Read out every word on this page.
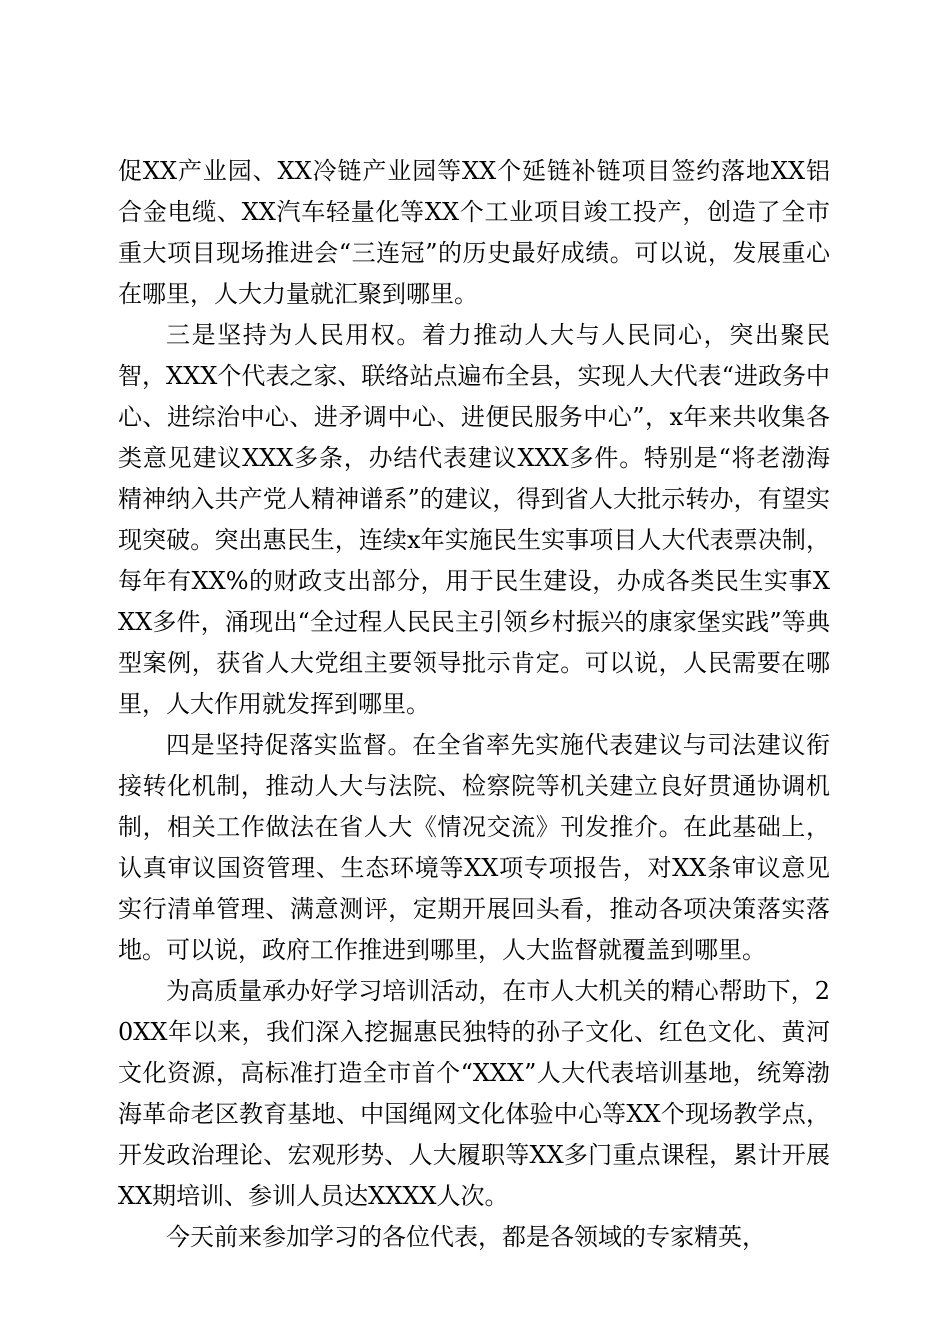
促XX产业园、XX冷链产业园等XX个延链补链项目签约落地XX铝合金电缆、XX汽车轻量化等XX个工业项目竣工投产，创造了全市重大项目现场推进会“三连冠”的历史最好成绩。可以说，发展重心在哪里，人大力量就汇聚到哪里。

三是坚持为人民用权。着力推动人大与人民同心，突出聚民智，XXX个代表之家、联络站点遍布全县，实现人大代表“进政务中心、进综治中心、进矛调中心、进便民服务中心”，x年来共收集各类意见建议XXX多条，办结代表建议XXX多件。特别是“将老渤海精神纳入共产党人精神谱系”的建议，得到省人大批示转办，有望实现突破。突出惠民生，连续x年实施民生实事项目人大代表票决制，每年有XX%的财政支出部分，用于民生建设，办成各类民生实事XXX多件，涌现出“全过程人民民主引领乡村振兴的康家堡实践”等典型案例，获省人大党组主要领导批示肯定。可以说，人民需要在哪里，人大作用就发挥到哪里。

四是坚持促落实监督。在全省率先实施代表建议与司法建议衔接转化机制，推动人大与法院、检察院等机关建立良好贯通协调机制，相关工作做法在省人大《情况交流》刊发推介。在此基础上，认真审议国资管理、生态环境等XX项专项报告，对XX条审议意见实行清单管理、满意测评，定期开展回头看，推动各项决策落实落地。可以说，政府工作推进到哪里，人大监督就覆盖到哪里。

为高质量承办好学习培训活动，在市人大机关的精心帮助下，20XX年以来，我们深入挖掘惠民独特的孙子文化、红色文化、黄河文化资源，高标准打造全市首个“XXX”人大代表培训基地，统筹渤海革命老区教育基地、中国绳网文化体验中心等XX个现场教学点，开发政治理论、宏观形势、人大履职等XX多门重点课程，累计开展XX期培训、参训人员达XXXX人次。

今天前来参加学习的各位代表，都是各领域的专家精英，
